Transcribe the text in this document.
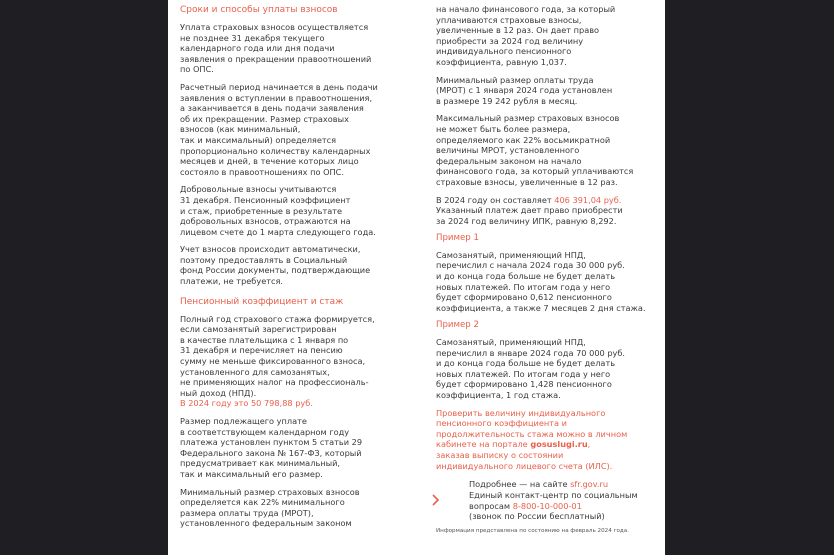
Сроки и способы уплаты взносов

Уплата страховых взносов осуществляется
не позднее 31 декабря текущего
календарного года или дня подачи
заявления о прекращении правоотношений
по ОПС.

Расчетный период начинается в день подачи
заявления о вступлении в правоотношения,
а заканчивается в день подачи заявления
об их прекращении. Размер страховых
взносов (как минимальный,
так и максимальный) определяется
пропорционально количеству календарных
месяцев и дней, в течение которых лицо
состояло в правоотношениях по ОПС.

Добровольные взносы учитываются
31 декабря. Пенсионный коэффициент
и стаж, приобретенные в результате
добровольных взносов, отражаются на
лицевом счете до 1 марта следующего года.

Учет взносов происходит автоматически,
поэтому предоставлять в Социальный
фонд России документы, подтверждающие
платежи, не требуется.

Пенсионный коэффициент и стаж

Полный год страхового стажа формируется,
если самозанятый зарегистрирован
в качестве плательщика с 1 января по
31 декабря и перечисляет на пенсию
сумму не меньше фиксированного взноса,
установленного для самозанятых,
не применяющих налог на профессиональ-
ный доход (НПД).
В 2024 году это 50 798,88 руб.

Размер подлежащего уплате
в соответствующем календарном году
платежа установлен пунктом 5 статьи 29
Федерального закона № 167-ФЗ, который
предусматривает как минимальный,
так и максимальный его размер.

Минимальный размер страховых взносов
определяется как 22% минимального
размера оплаты труда (МРОТ),
установленного федеральным законом

на начало финансового года, за который
уплачиваются страховые взносы,
увеличенные в 12 раз. Он дает право
приобрести за 2024 год величину
индивидуального пенсионного
коэффициента, равную 1,037.

Минимальный размер оплаты труда
(МРОТ) с 1 января 2024 года установлен
в размере 19 242 рубля в месяц.

Максимальный размер страховых взносов
не может быть более размера,
определяемого как 22% восьмикратной
величины МРОТ, установленного
федеральным законом на начало
финансового года, за который уплачиваются
страховые взносы, увеличенные в 12 раз.

В 2024 году он составляет 406 391,04 руб.
Указанный платеж дает право приобрести
за 2024 год величину ИПК, равную 8,292.

Пример 1

Самозанятый, применяющий НПД,
перечислил с начала 2024 года 30 000 руб.
и до конца года больше не будет делать
новых платежей. По итогам года у него
будет сформировано 0,612 пенсионного
коэффициента, а также 7 месяцев 2 дня стажа.

Пример 2

Самозанятый, применяющий НПД,
перечислил в январе 2024 года 70 000 руб.
и до конца года больше не будет делать
новых платежей. По итогам года у него
будет сформировано 1,428 пенсионного
коэффициента, 1 год стажа.

Проверить величину индивидуального
пенсионного коэффициента и
продолжительность стажа можно в личном
кабинете на портале gosuslugi.ru,
заказав выписку о состоянии
индивидуального лицевого счета (ИЛС).

Подробнее — на сайте sfr.gov.ru
Единый контакт-центр по социальным
вопросам 8-800-10-000-01
(звонок по России бесплатный)
Информация представлена по состоянию на февраль 2024 года.
